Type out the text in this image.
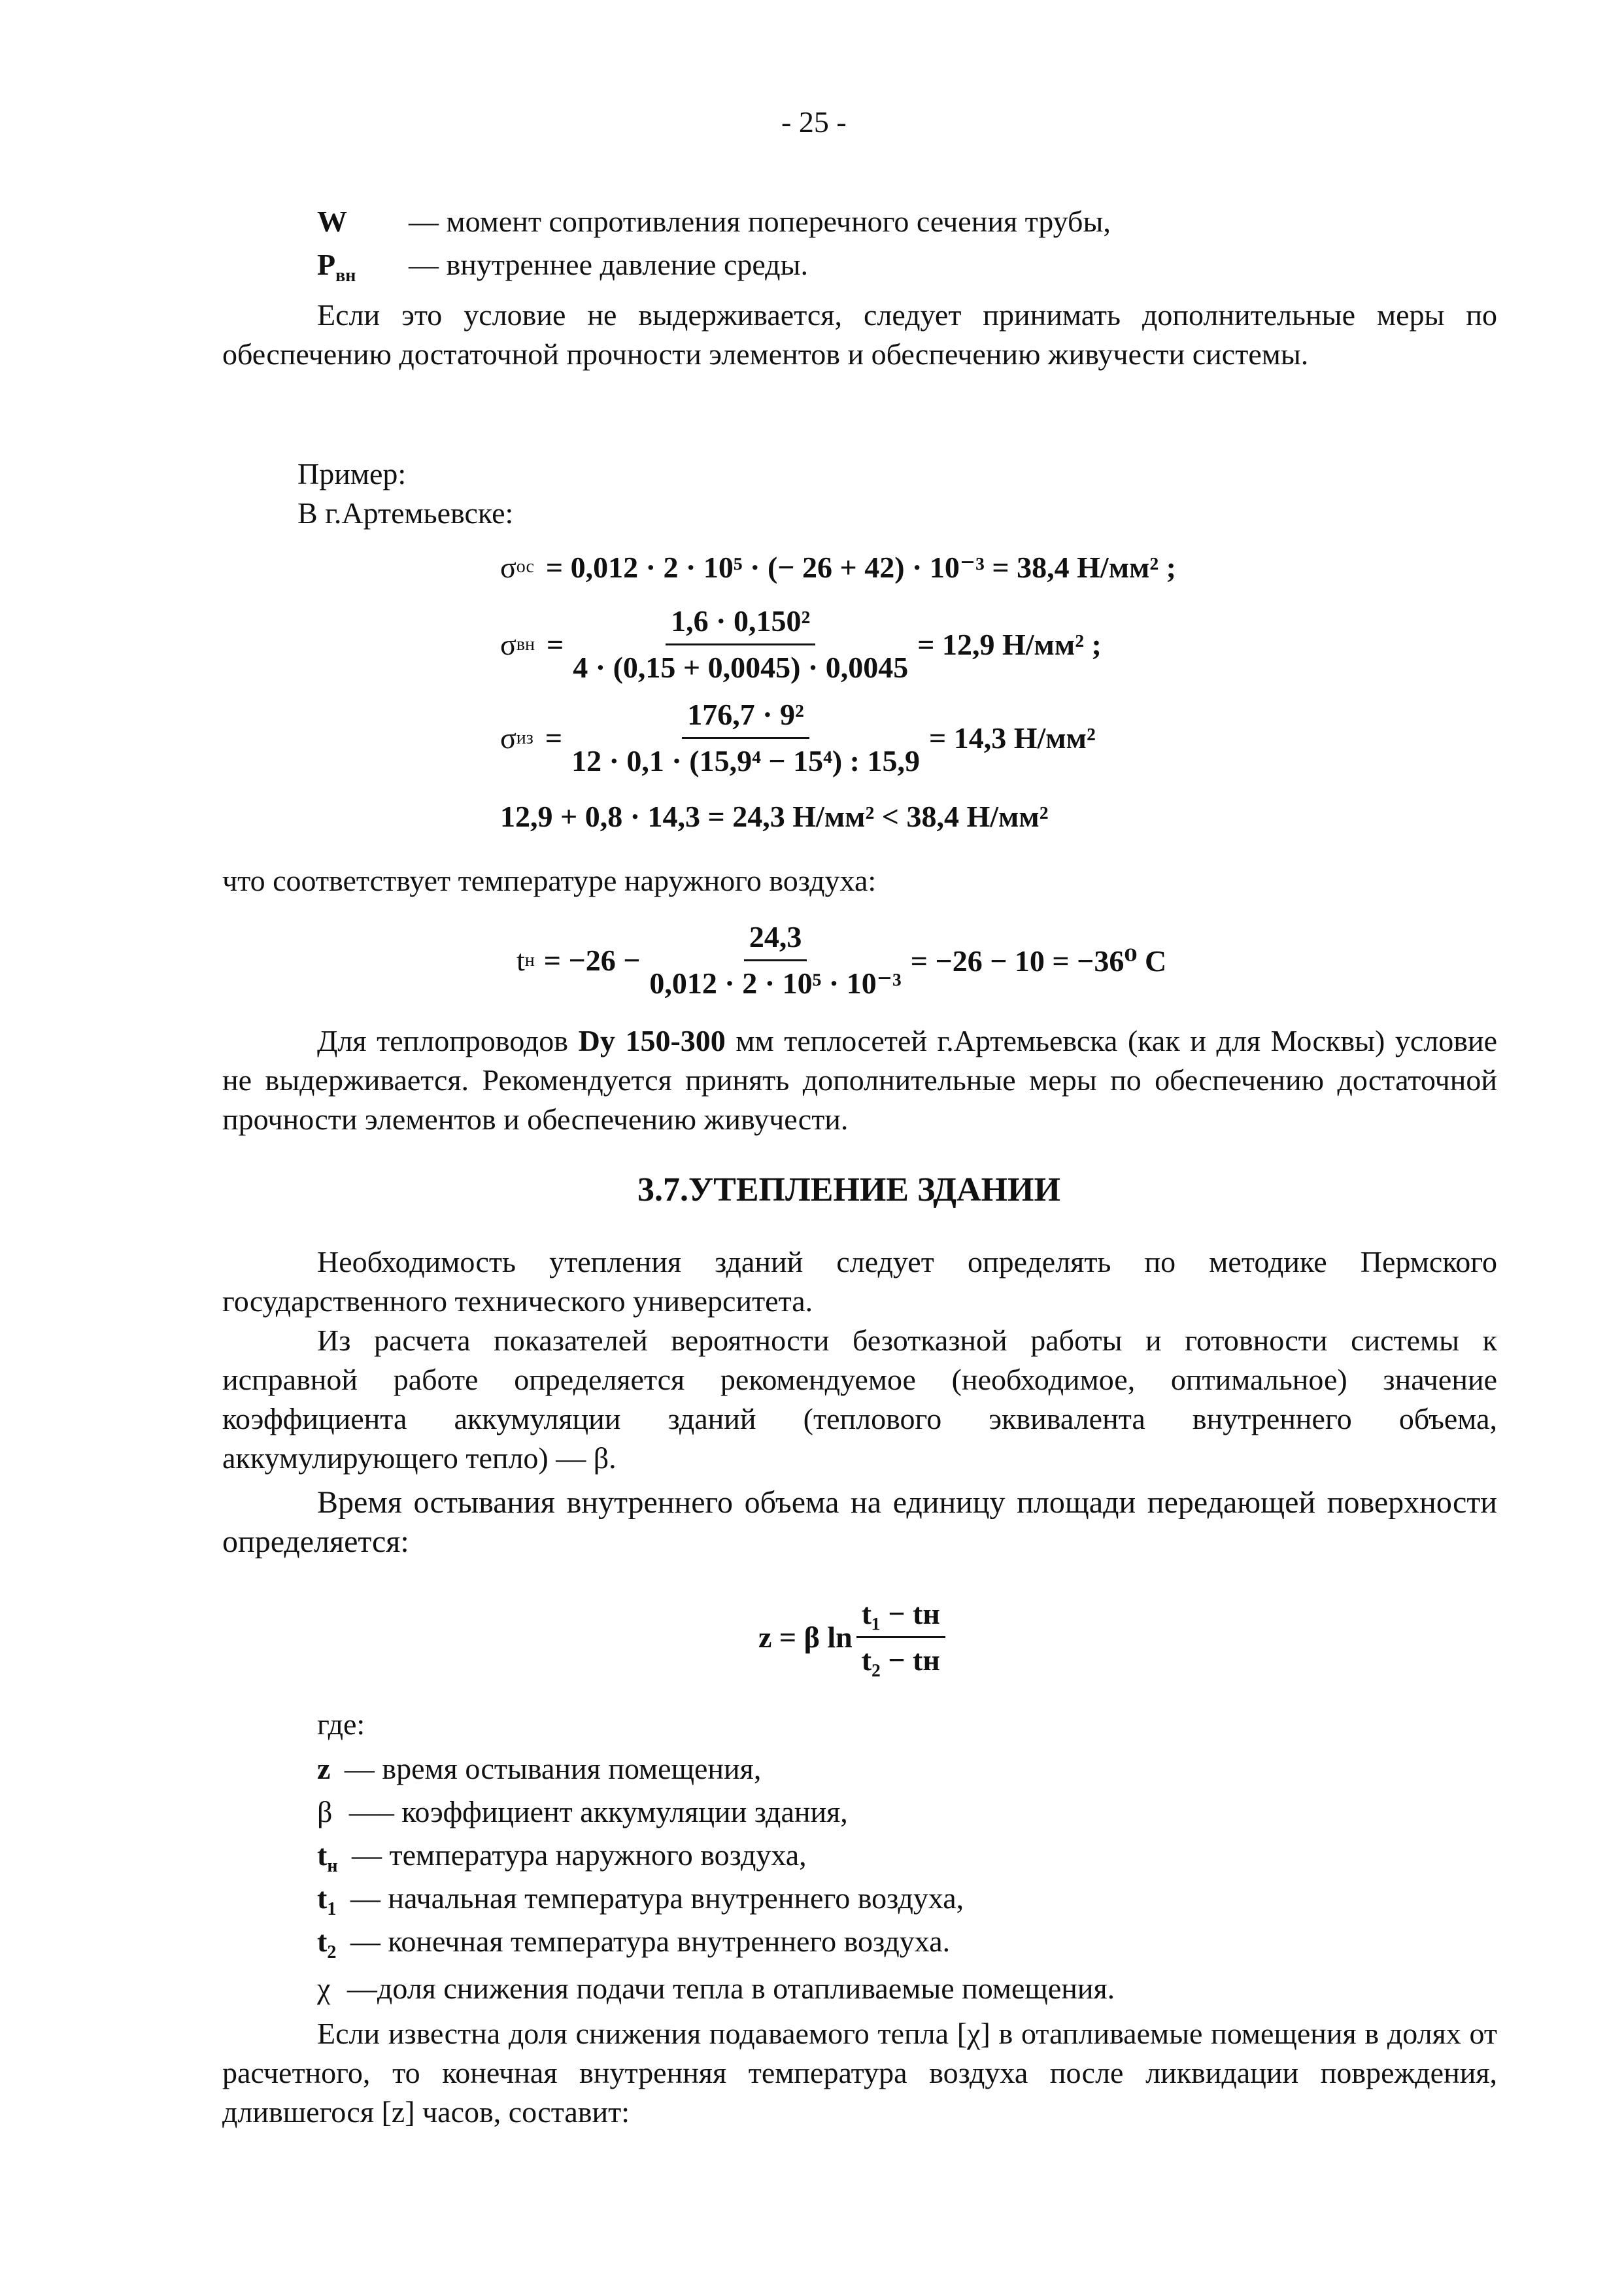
- 25 -
W — момент сопротивления поперечного сечения трубы,
$P_{вн}$ — внутреннее давление среды.
Если это условие не выдерживается, следует принимать дополнительные меры по обеспечению достаточной прочности элементов и обеспечению живучести системы.
Пример:
В г.Артемьевске:
σ ос = 0,012 · 2 · 10⁵ · (− 26 + 42) · 10⁻³ = 38,4 Н/мм² ;
σ вн = $\frac{\text{1,6 · 0,150²}}{4 \cdot (0,15 + 0,0045) \cdot 0,0045} = 12,9$ Н/мм² ;
σ из = $\frac{\text{176,7 · 9²}}{\text{12 · 0,1 · (15,9⁴ − 15⁴) : 15,9}} = 14,3$ Н/мм²
12,9 + 0,8 · 14,3 = 24,3 Н/мм² < 38,4 Н/мм²
что соответствует температуре наружного воздуха:
t $н = -26 - \frac{24,3}{\text{0,012 · 2 · 10⁵ · 10⁻³}} = -26 - 10 = -36^0$ С
Для теплопроводов Dу 150-300 мм теплосетей г.Артемьевска (как и для Москвы) условие не выдерживается. Рекомендуется принять дополнительные меры по обеспечению достаточной прочности элементов и обеспечению живучести.
3.7.УТЕПЛЕНИЕ ЗДАНИИ
Необходимость утепления зданий следует определять по методике Пермского государственного технического университета.
Из расчета показателей вероятности безотказной работы и готовности системы к исправной работе определяется рекомендуемое (необходимое, оптимальное) значение коэффициента аккумуляции зданий (теплового эквивалента внутреннего объема, аккумулирующего тепло) — β.
Время остывания внутреннего объема на единицу площади передающей поверхности определяется:
z = β $\ln \frac{\text{t₁ − tн}}{\text{t₂ − tн}}$
где:
z — время остывания помещения,
β —– коэффициент аккумуляции здания,
$t_н$ — температура наружного воздуха,
$t_1$ — начальная температура внутреннего воздуха,
$t_2$ — конечная температура внутреннего воздуха.
χ —доля снижения подачи тепла в отапливаемые помещения.
Если известна доля снижения подаваемого тепла [χ] в отапливаемые помещения в долях от расчетного, то конечная внутренняя температура воздуха после ликвидации повреждения, длившегося [z] часов, составит:
